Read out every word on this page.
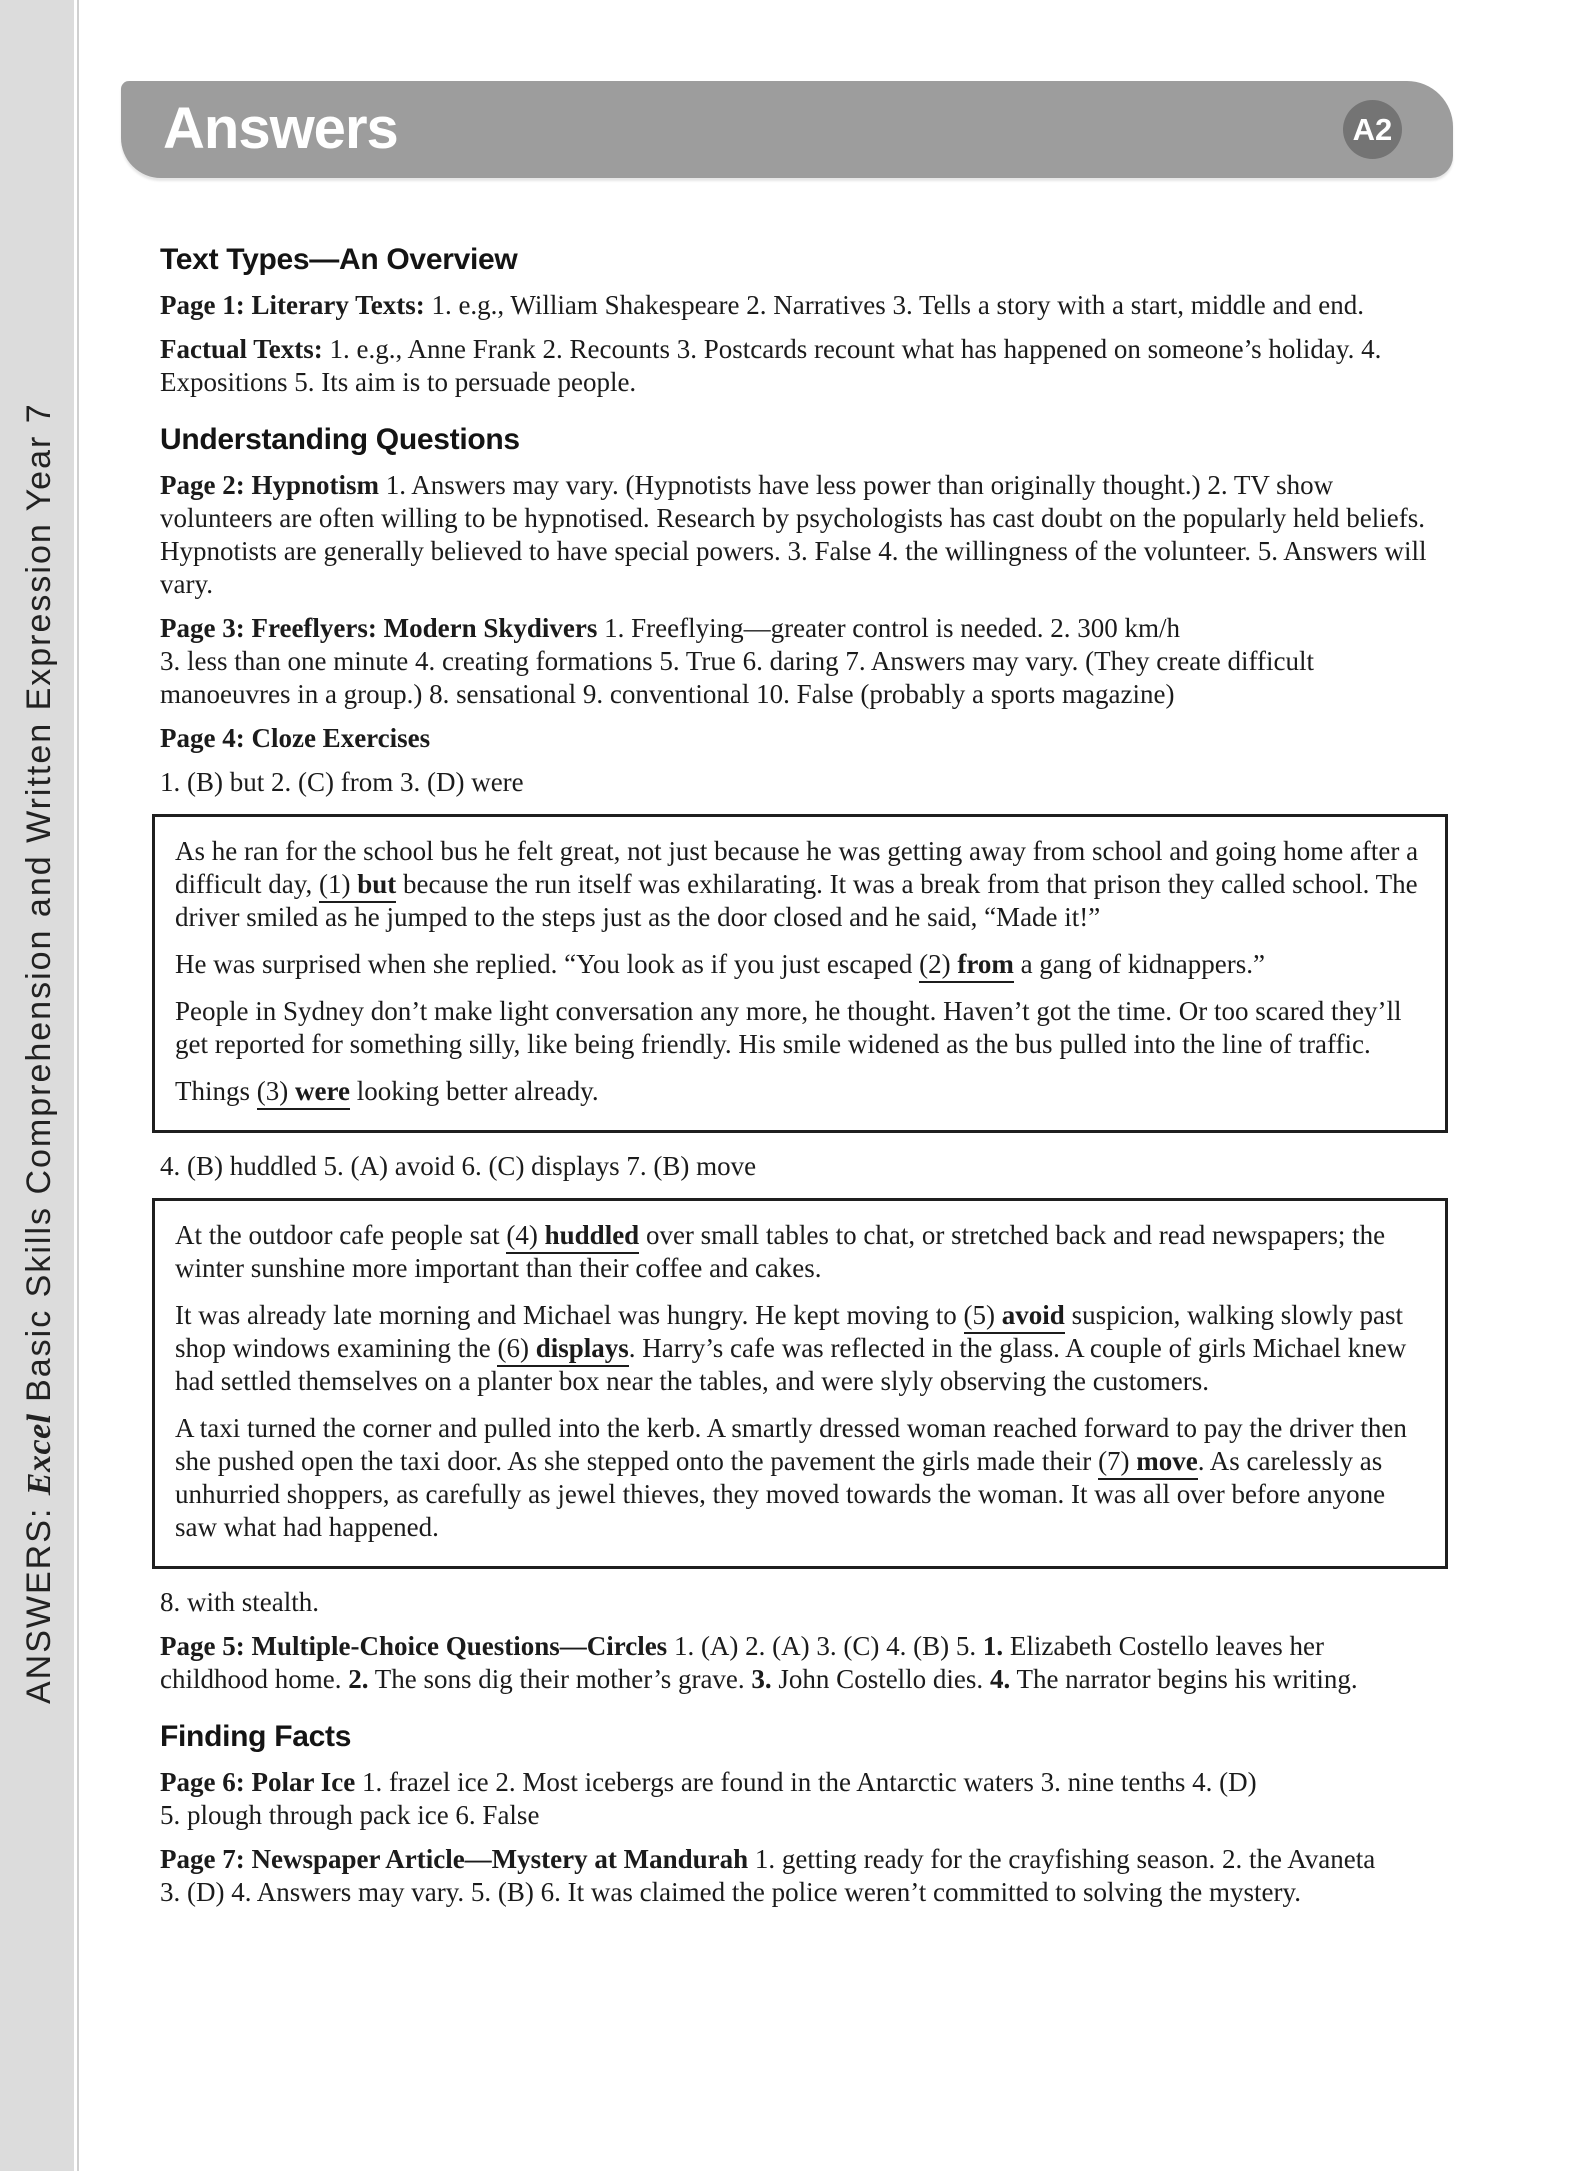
ANSWERS: Excel Basic Skills Comprehension and Written Expression Year 7
Answers	A2
Text Types—An Overview

Page 1: Literary Texts: 1. e.g., William Shakespeare 2. Narratives 3. Tells a story with a start, middle and end.

Factual Texts: 1. e.g., Anne Frank 2. Recounts 3. Postcards recount what has happened on someone’s holiday. 4. Expositions 5. Its aim is to persuade people.

Understanding Questions

Page 2: Hypnotism 1. Answers may vary. (Hypnotists have less power than originally thought.) 2. TV show volunteers are often willing to be hypnotised. Research by psychologists has cast doubt on the popularly held beliefs. Hypnotists are generally believed to have special powers. 3. False 4. the willingness of the volunteer. 5. Answers will vary.

Page 3: Freeflyers: Modern Skydivers 1. Freeflying—greater control is needed. 2. 300 km/h
3. less than one minute 4. creating formations 5. True 6. daring 7. Answers may vary. (They create difficult manoeuvres in a group.) 8. sensational 9. conventional 10. False (probably a sports magazine)

Page 4: Cloze Exercises

1. (B) but 2. (C) from 3. (D) were

As he ran for the school bus he felt great, not just because he was getting away from school and going home after a difficult day, (1) but because the run itself was exhilarating. It was a break from that prison they called school. The driver smiled as he jumped to the steps just as the door closed and he said, “Made it!”

He was surprised when she replied. “You look as if you just escaped (2) from a gang of kidnappers.”

People in Sydney don’t make light conversation any more, he thought. Haven’t got the time. Or too scared they’ll get reported for something silly, like being friendly. His smile widened as the bus pulled into the line of traffic.

Things (3) were looking better already.

4. (B) huddled 5. (A) avoid 6. (C) displays 7. (B) move

At the outdoor cafe people sat (4) huddled over small tables to chat, or stretched back and read newspapers; the winter sunshine more important than their coffee and cakes.

It was already late morning and Michael was hungry. He kept moving to (5) avoid suspicion, walking slowly past shop windows examining the (6) displays. Harry’s cafe was reflected in the glass. A couple of girls Michael knew had settled themselves on a planter box near the tables, and were slyly observing the customers.

A taxi turned the corner and pulled into the kerb. A smartly dressed woman reached forward to pay the driver then she pushed open the taxi door. As she stepped onto the pavement the girls made their (7) move. As carelessly as unhurried shoppers, as carefully as jewel thieves, they moved towards the woman. It was all over before anyone saw what had happened.

8. with stealth.

Page 5: Multiple-Choice Questions—Circles 1. (A) 2. (A) 3. (C) 4. (B) 5. 1. Elizabeth Costello leaves her childhood home. 2. The sons dig their mother’s grave. 3. John Costello dies. 4. The narrator begins his writing.

Finding Facts

Page 6: Polar Ice 1. frazel ice 2. Most icebergs are found in the Antarctic waters 3. nine tenths 4. (D)
5. plough through pack ice 6. False

Page 7: Newspaper Article—Mystery at Mandurah 1. getting ready for the crayfishing season. 2. the Avaneta
3. (D) 4. Answers may vary. 5. (B) 6. It was claimed the police weren’t committed to solving the mystery.
